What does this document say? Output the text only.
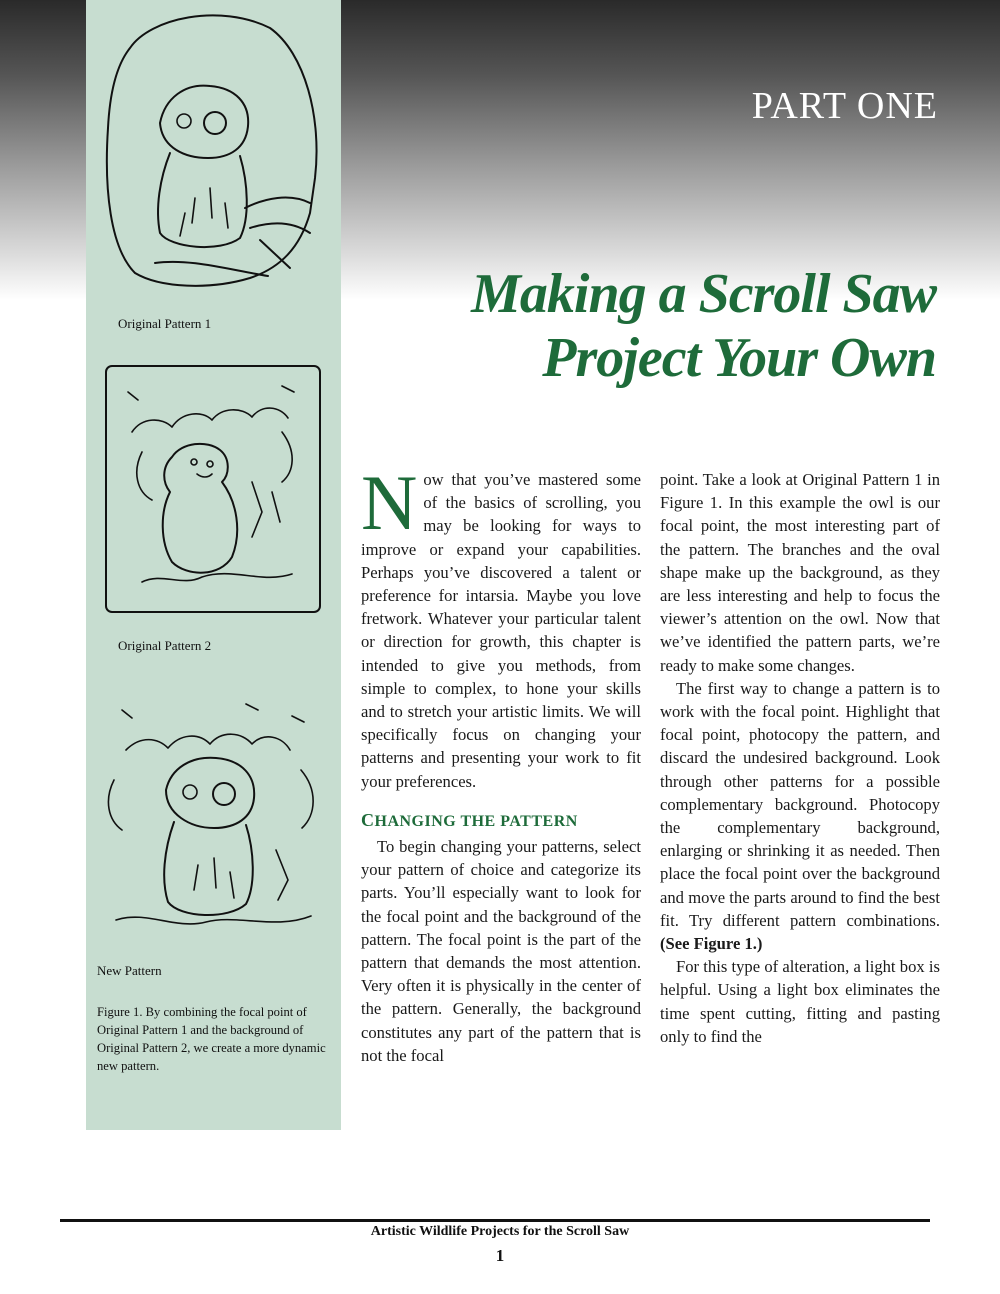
PART ONE
Making a Scroll Saw
Project Your Own
Original Pattern 1
Original Pattern 2
New Pattern
Figure 1. By combining the focal point of Original Pattern 1 and the background of Original Pattern 2, we create a more dynamic new pattern.

Now that you’ve mastered some of the basics of scrolling, you may be looking for ways to improve or expand your capabilities. Perhaps you’ve discovered a talent or preference for intarsia. Maybe you love fretwork. Whatever your particular talent or direction for growth, this chapter is intended to give you methods, from simple to complex, to hone your skills and to stretch your artistic limits. We will specifically focus on changing your patterns and presenting your work to fit your preferences.

CHANGING THE PATTERN

To begin changing your patterns, select your pattern of choice and categorize its parts. You’ll especially want to look for the focal point and the background of the pattern. The focal point is the part of the pattern that demands the most attention. Very often it is physically in the center of the pattern. Generally, the background constitutes any part of the pattern that is not the focal

point. Take a look at Original Pattern 1 in Figure 1. In this example the owl is our focal point, the most interesting part of the pattern. The branches and the oval shape make up the background, as they are less interesting and help to focus the viewer’s attention on the owl. Now that we’ve identified the pattern parts, we’re ready to make some changes.

The first way to change a pattern is to work with the focal point. Highlight that focal point, photocopy the pattern, and discard the undesired background. Look through other patterns for a possible complementary background. Photocopy the complementary background, enlarging or shrinking it as needed. Then place the focal point over the background and move the parts around to find the best fit. Try different pattern combinations. (See Figure 1.)

For this type of alteration, a light box is helpful. Using a light box eliminates the time spent cutting, fitting and pasting only to find the

Artistic Wildlife Projects for the Scroll Saw
1
